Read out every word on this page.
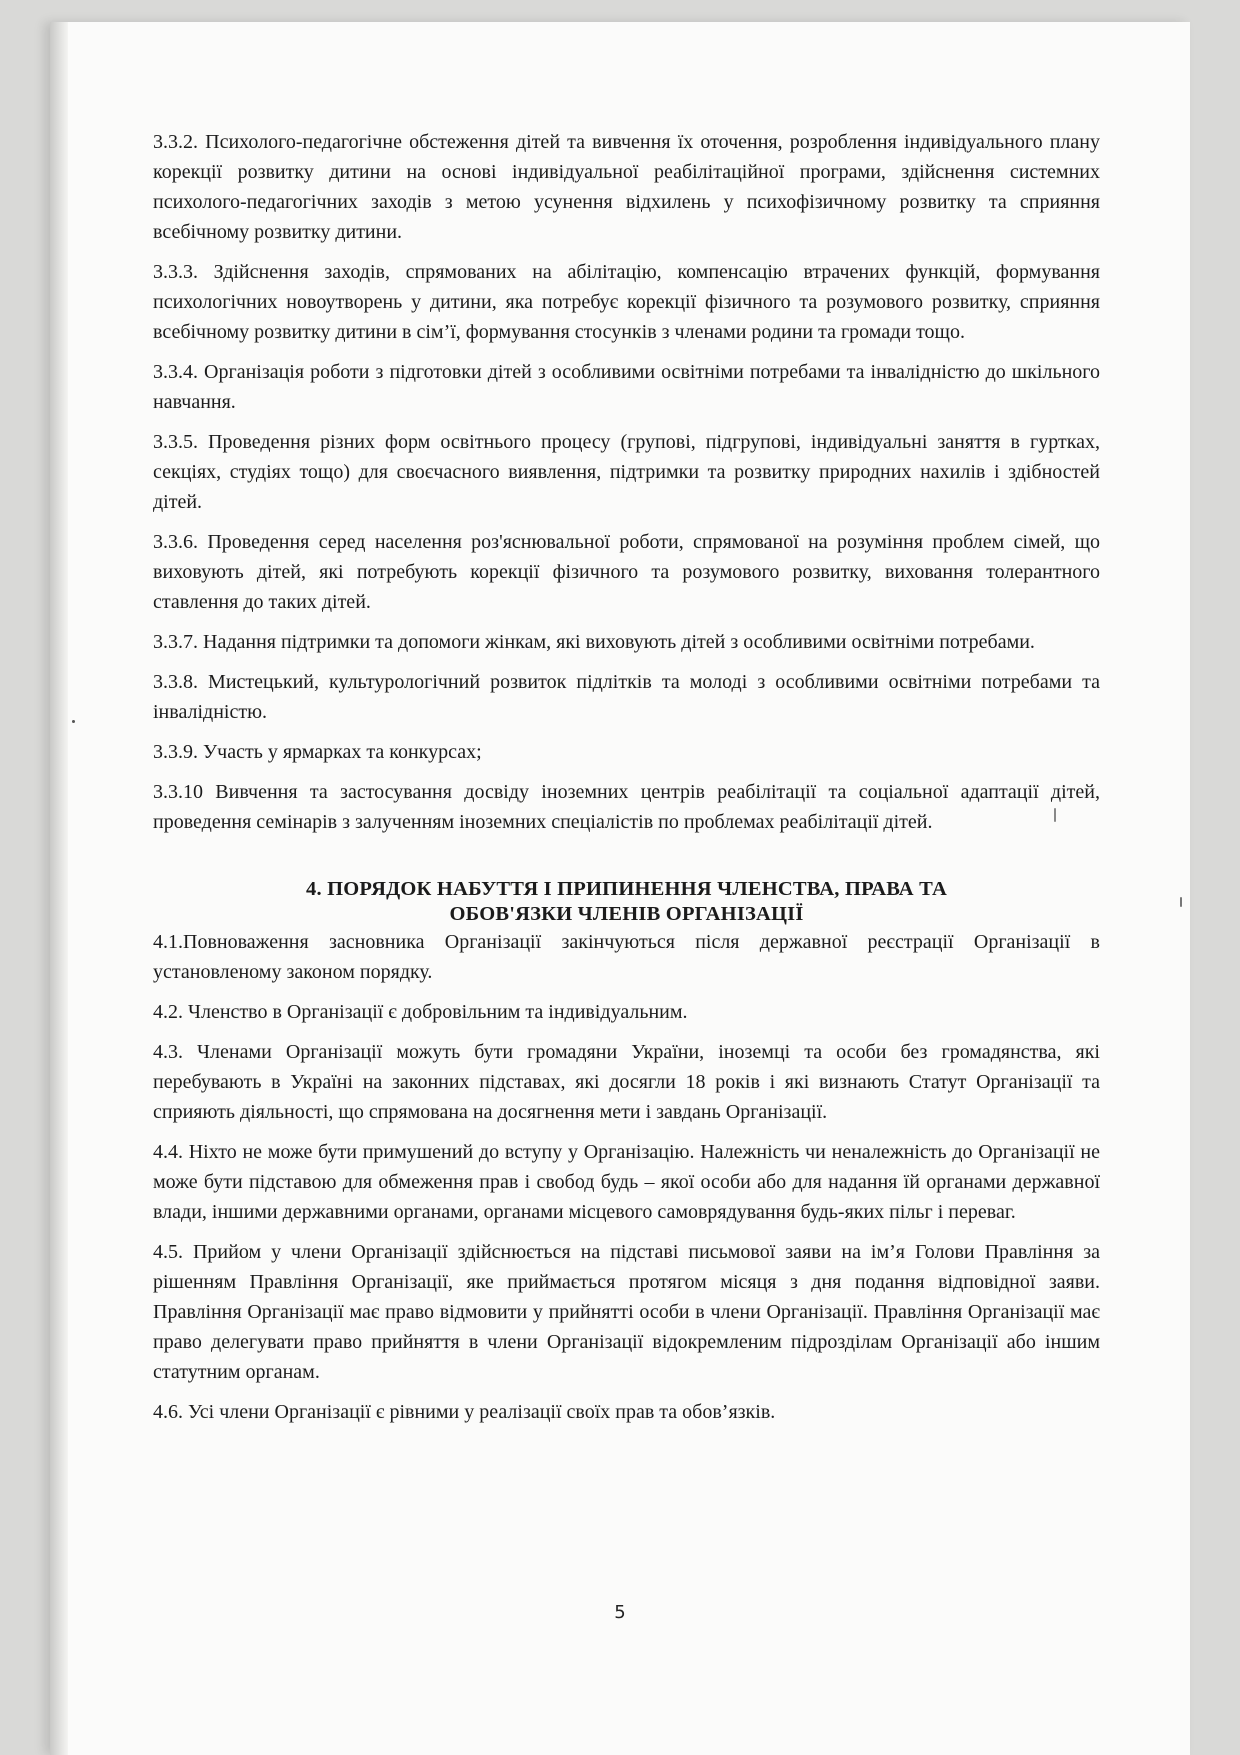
3.3.2. Психолого-педагогічне обстеження дітей та вивчення їх оточення, розроблення індивідуального плану корекції розвитку дитини на основі індивідуальної реабілітаційної програми, здійснення системних психолого-педагогічних заходів з метою усунення відхилень у психофізичному розвитку та сприяння всебічному розвитку дитини.

3.3.3. Здійснення заходів, спрямованих на абілітацію, компенсацію втрачених функцій, формування психологічних новоутворень у дитини, яка потребує корекції фізичного та розумового розвитку, сприяння всебічному розвитку дитини в сім’ї, формування стосунків з членами родини та громади тощо.

3.3.4. Організація роботи з підготовки дітей з особливими освітніми потребами та інвалідністю до шкільного навчання.

3.3.5. Проведення різних форм освітнього процесу (групові, підгрупові, індивідуальні заняття в гуртках, секціях, студіях тощо) для своєчасного виявлення, підтримки та розвитку природних нахилів і здібностей дітей.

3.3.6. Проведення серед населення роз'яснювальної роботи, спрямованої на розуміння проблем сімей, що виховують дітей, які потребують корекції фізичного та розумового розвитку, виховання толерантного ставлення до таких дітей.

3.3.7. Надання підтримки та допомоги жінкам, які виховують дітей з особливими освітніми потребами.

3.3.8. Мистецький, культурологічний розвиток підлітків та молоді з особливими освітніми потребами та інвалідністю.

3.3.9. Участь у ярмарках та конкурсах;

3.3.10 Вивчення та застосування досвіду іноземних центрів реабілітації та соціальної адаптації дітей, проведення семінарів з залученням іноземних спеціалістів по проблемах реабілітації дітей.

4. ПОРЯДОК НАБУТТЯ І ПРИПИНЕННЯ ЧЛЕНСТВА, ПРАВА ТА
ОБОВ'ЯЗКИ ЧЛЕНІВ ОРГАНІЗАЦІЇ

4.1.Повноваження засновника Організації закінчуються після державної реєстрації Організації в установленому законом порядку.

4.2. Членство в Організації є добровільним та індивідуальним.

4.3. Членами Організації можуть бути громадяни України, іноземці та особи без громадянства, які перебувають в Україні на законних підставах, які досягли 18 років і які визнають Статут Організації та сприяють діяльності, що спрямована на досягнення мети і завдань Організації.

4.4. Ніхто не може бути примушений до вступу у Організацію. Належність чи неналежність до Організації не може бути підставою для обмеження прав і свобод будь – якої особи або для надання їй органами державної влади, іншими державними органами, органами місцевого самоврядування будь-яких пільг і переваг.

4.5. Прийом у члени Організації здійснюється на підставі письмової заяви на ім’я Голови Правління за рішенням Правління Організації, яке приймається протягом місяця з дня подання відповідної заяви. Правління Організації має право відмовити у прийнятті особи в члени Організації. Правління Організації має право делегувати право прийняття в члени Організації відокремленим підрозділам Організації або іншим статутним органам.

4.6. Усі члени Організації є рівними у реалізації своїх прав та обов’язків.

5
